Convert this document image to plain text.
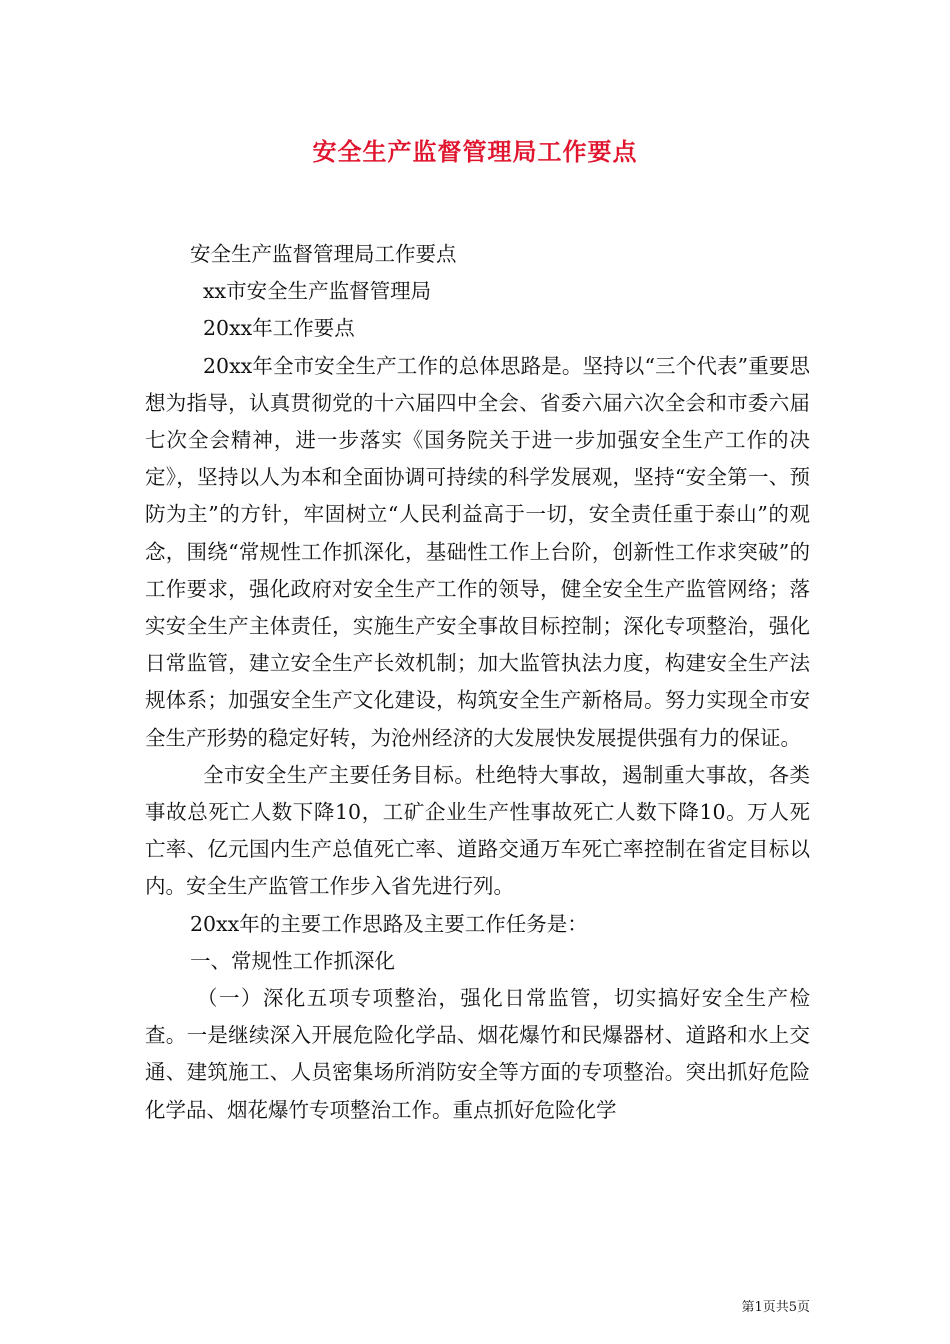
安全生产监督管理局工作要点

安全生产监督管理局工作要点

xx市安全生产监督管理局

20xx年工作要点

20xx年全市安全生产工作的总体思路是。坚持以“三个代表”重要思想为指导，认真贯彻党的十六届四中全会、省委六届六次全会和市委六届七次全会精神，进一步落实《国务院关于进一步加强安全生产工作的决定》，坚持以人为本和全面协调可持续的科学发展观，坚持“安全第一、预防为主”的方针，牢固树立“人民利益高于一切，安全责任重于泰山”的观念，围绕“常规性工作抓深化，基础性工作上台阶，创新性工作求突破”的工作要求，强化政府对安全生产工作的领导，健全安全生产监管网络；落实安全生产主体责任，实施生产安全事故目标控制；深化专项整治，强化日常监管，建立安全生产长效机制；加大监管执法力度，构建安全生产法规体系；加强安全生产文化建设，构筑安全生产新格局。努力实现全市安全生产形势的稳定好转，为沧州经济的大发展快发展提供强有力的保证。

全市安全生产主要任务目标。杜绝特大事故，遏制重大事故，各类事故总死亡人数下降10，工矿企业生产性事故死亡人数下降10。万人死亡率、亿元国内生产总值死亡率、道路交通万车死亡率控制在省定目标以内。安全生产监管工作步入省先进行列。

20xx年的主要工作思路及主要工作任务是：

一、常规性工作抓深化

（一）深化五项专项整治，强化日常监管，切实搞好安全生产检查。一是继续深入开展危险化学品、烟花爆竹和民爆器材、道路和水上交通、建筑施工、人员密集场所消防安全等方面的专项整治。突出抓好危险化学品、烟花爆竹专项整治工作。重点抓好危险化学

第1页共5页
